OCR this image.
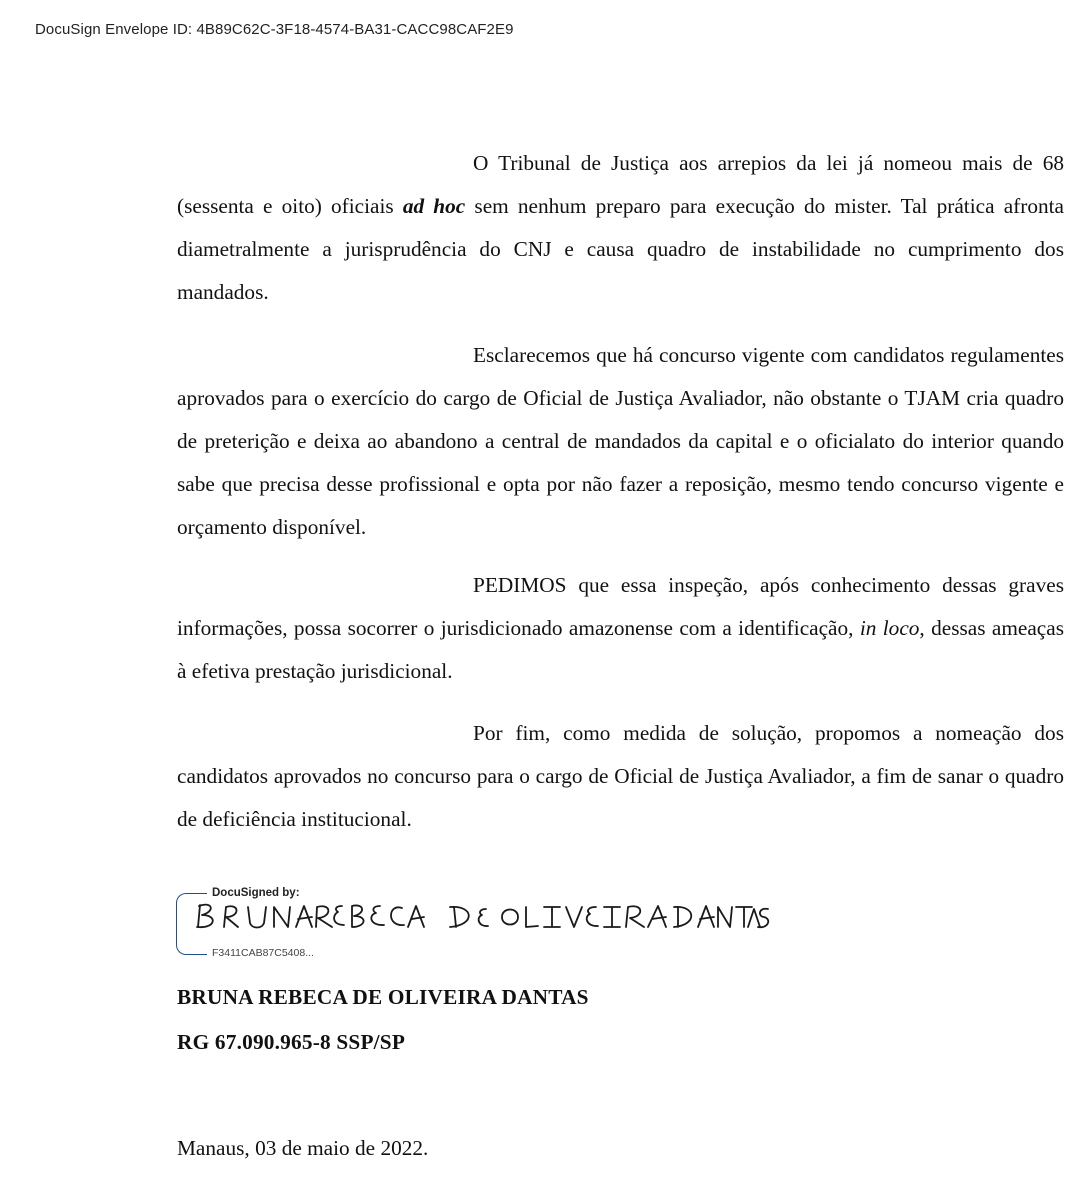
DocuSign Envelope ID: 4B89C62C-3F18-4574-BA31-CACC98CAF2E9

O Tribunal de Justiça aos arrepios da lei já nomeou mais de 68 (sessenta e oito) oficiais ad hoc sem nenhum preparo para execução do mister. Tal prática afronta diametralmente a jurisprudência do CNJ e causa quadro de instabilidade no cumprimento dos mandados.

Esclarecemos que há concurso vigente com candidatos regulamentes aprovados para o exercício do cargo de Oficial de Justiça Avaliador, não obstante o TJAM cria quadro de preterição e deixa ao abandono a central de mandados da capital e o oficialato do interior quando sabe que precisa desse profissional e opta por não fazer a reposição, mesmo tendo concurso vigente e orçamento disponível.

PEDIMOS que essa inspeção, após conhecimento dessas graves informações, possa socorrer o jurisdicionado amazonense com a identificação, in loco, dessas ameaças à efetiva prestação jurisdicional.

Por fim, como medida de solução, propomos a nomeação dos candidatos aprovados no concurso para o cargo de Oficial de Justiça Avaliador, a fim de sanar o quadro de deficiência institucional.

DocuSigned by:
F3411CAB87C5408...
BRUNA REBECA DE OLIVEIRA DANTAS
RG 67.090.965-8 SSP/SP
Manaus, 03 de maio de 2022.
